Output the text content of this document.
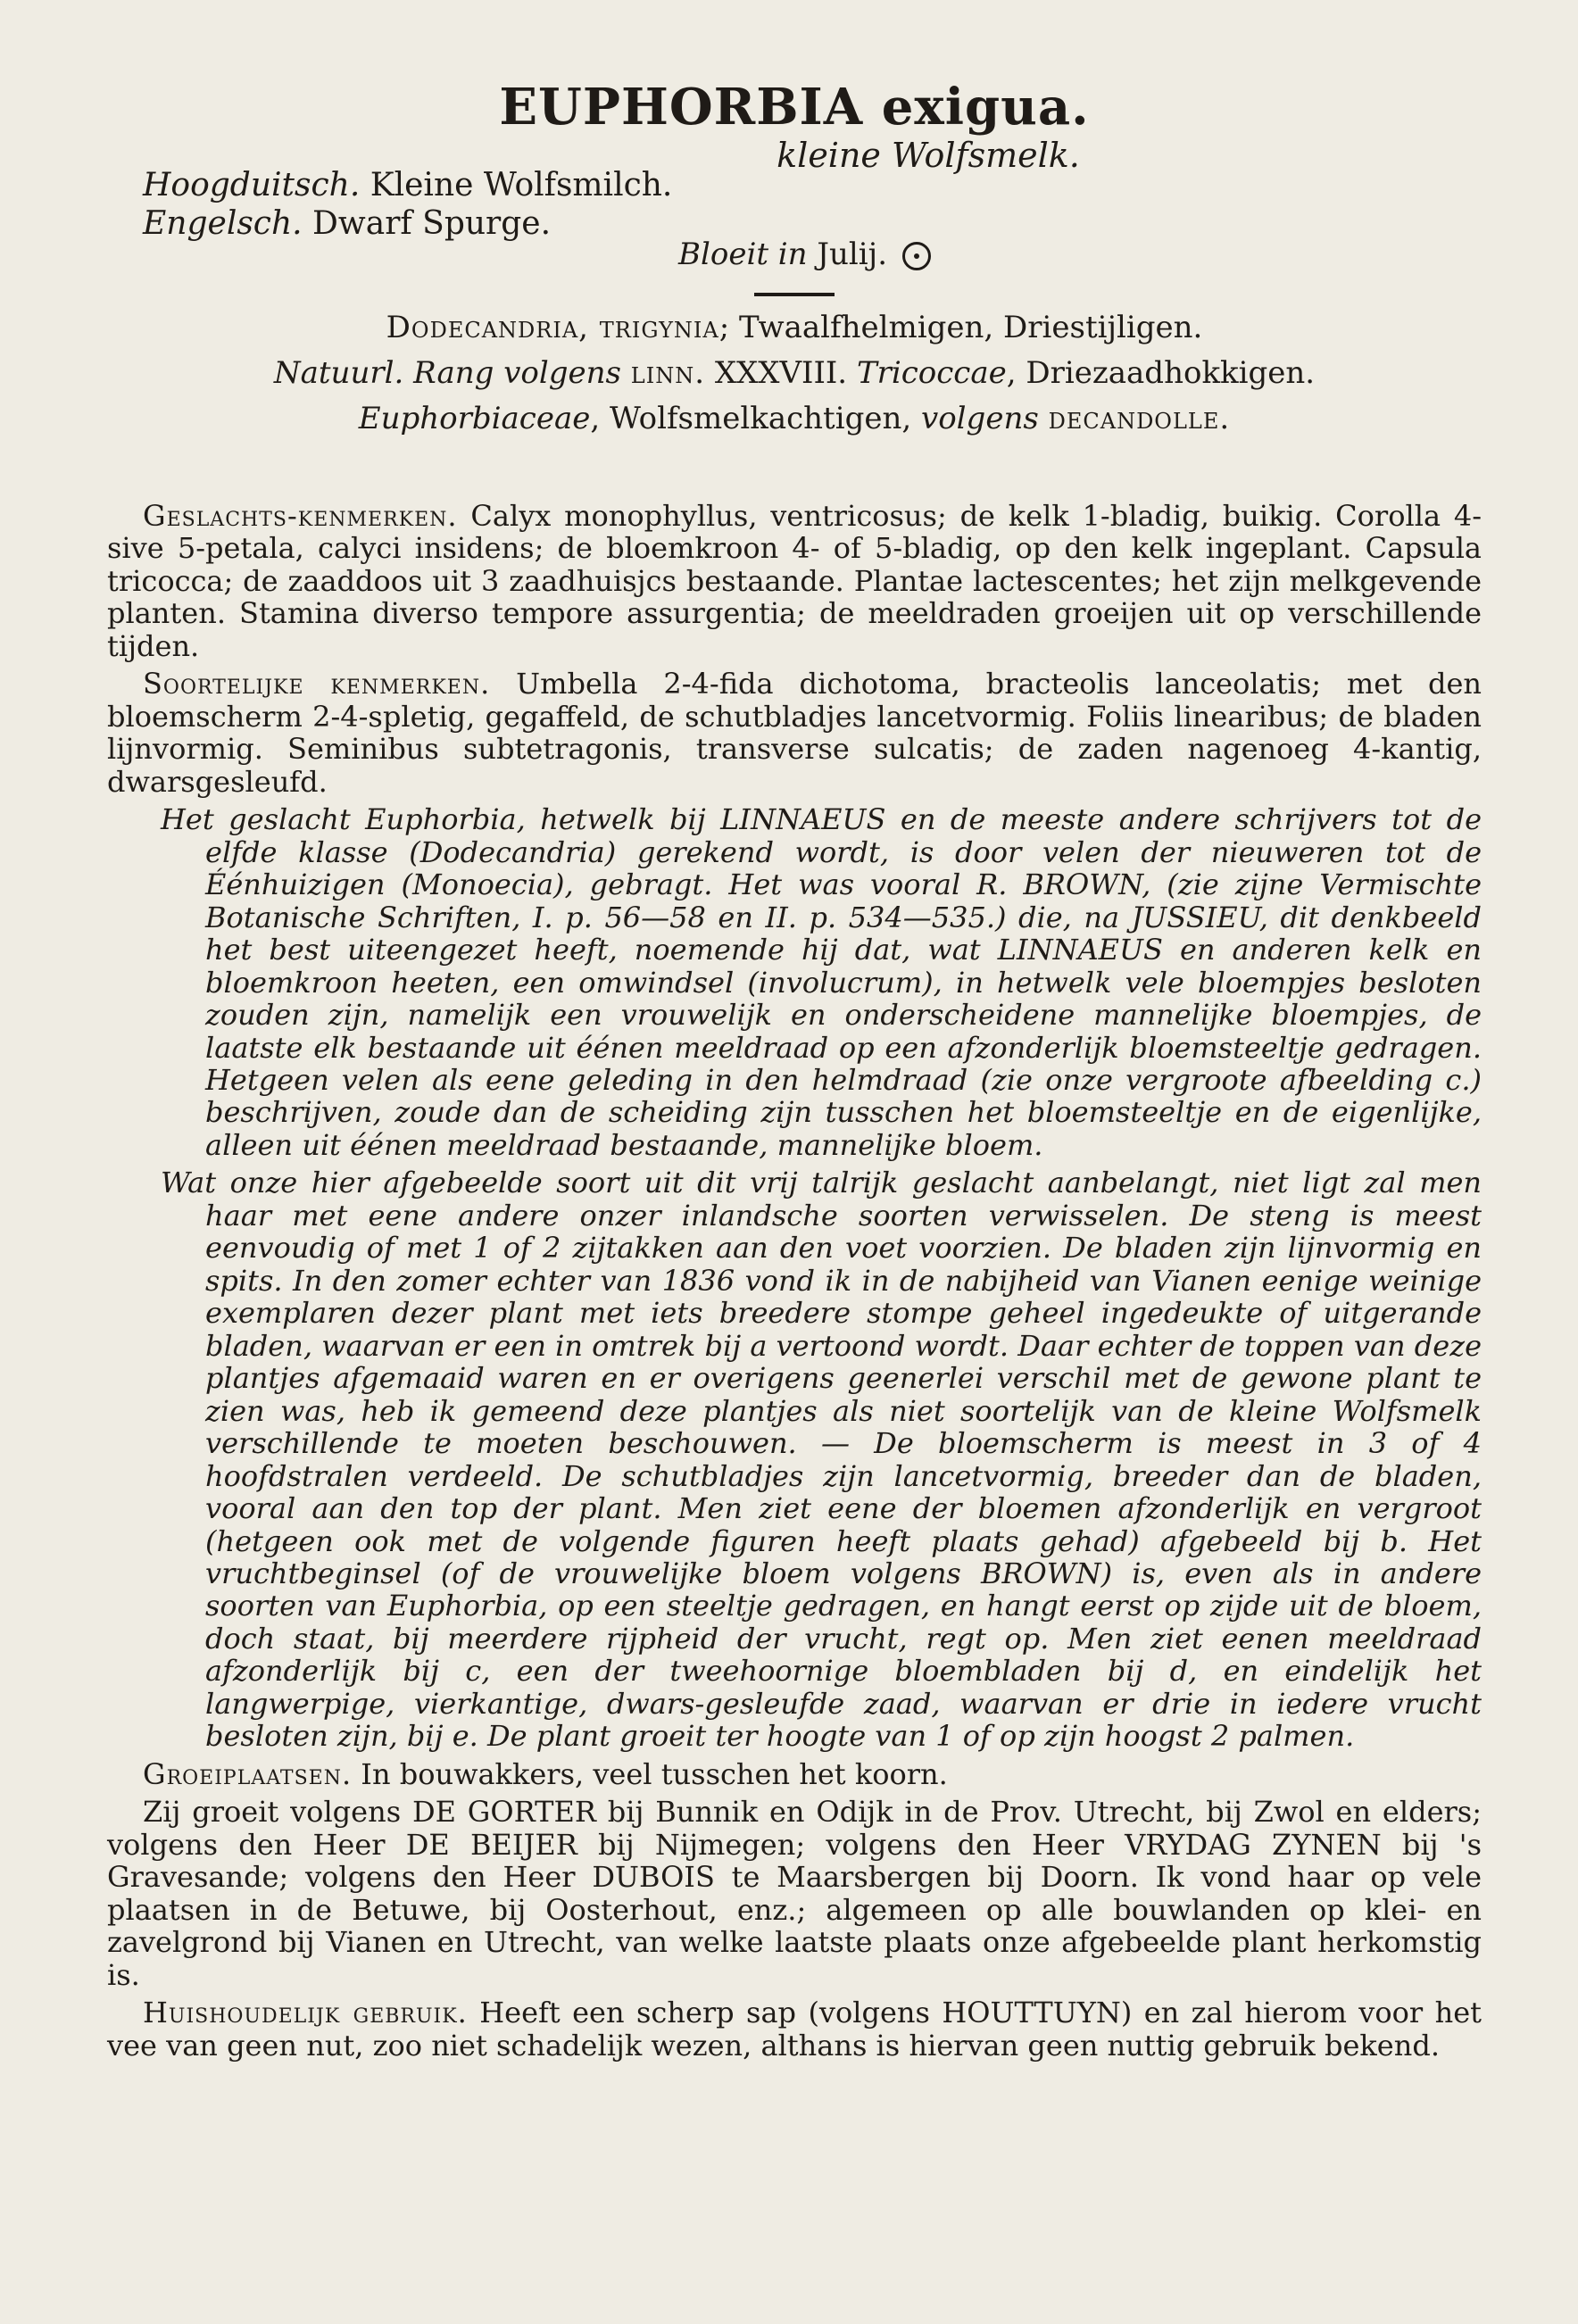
EUPHORBIA exigua.
kleine Wolfsmelk.
Hoogduitsch. Kleine Wolfsmilch.
Engelsch. Dwarf Spurge.
Bloeit in Julij.
Dodecandria, trigynia; Twaalfhelmigen, Driestijligen.
Natuurl. Rang volgens linn. XXXVIII. Tricoccae, Driezaadhokkigen.
Euphorbiaceae, Wolfsmelkachtigen, volgens decandolle.

Geslachts-kenmerken. Calyx monophyllus, ventricosus; de kelk 1-bladig, buikig. Corolla 4-sive 5-petala, calyci insidens; de bloemkroon 4- of 5-bladig, op den kelk ingeplant. Capsula tricocca; de zaaddoos uit 3 zaadhuisjcs bestaande. Plantae lactescentes; het zijn melkgevende planten. Stamina diverso tempore assurgentia; de meeldraden groeijen uit op verschillende tijden.

Soortelijke kenmerken. Umbella 2-4-fida dichotoma, bracteolis lanceolatis; met den bloemscherm 2-4-spletig, gegaffeld, de schutbladjes lancetvormig. Foliis linearibus; de bladen lijnvormig. Seminibus subtetragonis, transverse sulcatis; de zaden nagenoeg 4-kantig, dwarsgesleufd.

Het geslacht Euphorbia, hetwelk bij LINNAEUS en de meeste andere schrijvers tot de elfde klasse (Dodecandria) gerekend wordt, is door velen der nieuweren tot de Éénhuizigen (Monoecia), gebragt. Het was vooral R. BROWN, (zie zijne Vermischte Botanische Schriften, I. p. 56—58 en II. p. 534—535.) die, na JUSSIEU, dit denkbeeld het best uiteengezet heeft, noemende hij dat, wat LINNAEUS en anderen kelk en bloemkroon heeten, een omwindsel (involucrum), in hetwelk vele bloempjes besloten zouden zijn, namelijk een vrouwelijk en onderscheidene mannelijke bloempjes, de laatste elk bestaande uit éénen meeldraad op een afzonderlijk bloemsteeltje gedragen. Hetgeen velen als eene geleding in den helmdraad (zie onze vergroote afbeelding c.) beschrijven, zoude dan de scheiding zijn tusschen het bloemsteeltje en de eigenlijke, alleen uit éénen meeldraad bestaande, mannelijke bloem.

Wat onze hier afgebeelde soort uit dit vrij talrijk geslacht aanbelangt, niet ligt zal men haar met eene andere onzer inlandsche soorten verwisselen. De steng is meest eenvoudig of met 1 of 2 zijtakken aan den voet voorzien. De bladen zijn lijnvormig en spits. In den zomer echter van 1836 vond ik in de nabijheid van Vianen eenige weinige exemplaren dezer plant met iets breedere stompe geheel ingedeukte of uitgerande bladen, waarvan er een in omtrek bij a vertoond wordt. Daar echter de toppen van deze plantjes afgemaaid waren en er overigens geenerlei verschil met de gewone plant te zien was, heb ik gemeend deze plantjes als niet soortelijk van de kleine Wolfsmelk verschillende te moeten beschouwen. — De bloemscherm is meest in 3 of 4 hoofdstralen verdeeld. De schutbladjes zijn lancetvormig, breeder dan de bladen, vooral aan den top der plant. Men ziet eene der bloemen afzonderlijk en vergroot (hetgeen ook met de volgende figuren heeft plaats gehad) afgebeeld bij b. Het vruchtbeginsel (of de vrouwelijke bloem volgens BROWN) is, even als in andere soorten van Euphorbia, op een steeltje gedragen, en hangt eerst op zijde uit de bloem, doch staat, bij meerdere rijpheid der vrucht, regt op. Men ziet eenen meeldraad afzonderlijk bij c, een der tweehoornige bloembladen bij d, en eindelijk het langwerpige, vierkantige, dwars-gesleufde zaad, waarvan er drie in iedere vrucht besloten zijn, bij e. De plant groeit ter hoogte van 1 of op zijn hoogst 2 palmen.

Groeiplaatsen. In bouwakkers, veel tusschen het koorn.

Zij groeit volgens DE GORTER bij Bunnik en Odijk in de Prov. Utrecht, bij Zwol en elders; volgens den Heer DE BEIJER bij Nijmegen; volgens den Heer VRYDAG ZYNEN bij 's Gravesande; volgens den Heer DUBOIS te Maarsbergen bij Doorn. Ik vond haar op vele plaatsen in de Betuwe, bij Oosterhout, enz.; algemeen op alle bouwlanden op klei- en zavelgrond bij Vianen en Utrecht, van welke laatste plaats onze afgebeelde plant herkomstig is.

Huishoudelijk gebruik. Heeft een scherp sap (volgens HOUTTUYN) en zal hierom voor het vee van geen nut, zoo niet schadelijk wezen, althans is hiervan geen nuttig gebruik bekend.
